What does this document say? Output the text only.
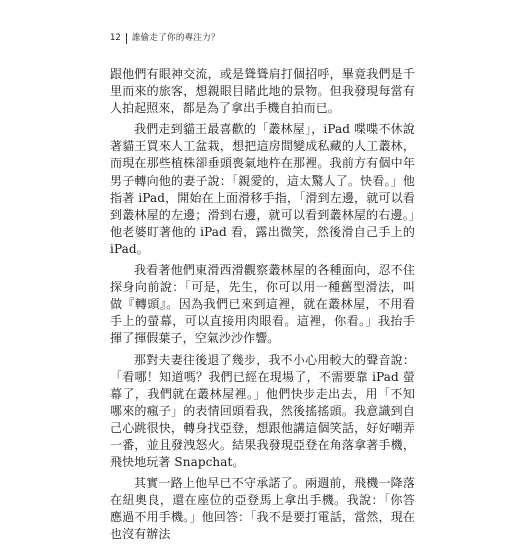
12	誰偷走了你的專注力？

跟他們有眼神交流，或是聳聳肩打個招呼，畢竟我們是千里而來的旅客，想親眼目睹此地的景物。但我發現每當有人拍起照來，都是為了拿出手機自拍而已。

我們走到貓王最喜歡的「叢林屋」，iPad 喋喋不休說著貓王買來人工盆栽，想把這房間變成私藏的人工叢林，而現在那些植株卻垂頭喪氣地杵在那裡。我前方有個中年男子轉向他的妻子說：「親愛的，這太驚人了。快看。」他指著 iPad，開始在上面滑移手指，「滑到左邊，就可以看到叢林屋的左邊；滑到右邊，就可以看到叢林屋的右邊。」他老婆盯著他的 iPad 看，露出微笑，然後滑自己手上的 iPad。

我看著他們東滑西滑觀察叢林屋的各種面向，忍不住探身向前說：「可是，先生，你可以用一種舊型滑法，叫做『轉頭』。因為我們已來到這裡，就在叢林屋，不用看手上的螢幕，可以直接用肉眼看。這裡，你看。」我抬手揮了揮假葉子，空氣沙沙作響。

那對夫妻往後退了幾步，我不小心用較大的聲音說：「看哪！知道嗎？我們已經在現場了，不需要靠 iPad 螢幕了，我們就在叢林屋裡。」他們快步走出去，用「不知哪來的瘋子」的表情回頭看我，然後搖搖頭。我意識到自己心跳很快，轉身找亞登，想跟他講這個笑話，好好嘲弄一番，並且發洩怒火。結果我發現亞登在角落拿著手機，飛快地玩著 Snapchat。

其實一路上他早已不守承諾了。兩週前，飛機一降落在紐奧良，還在座位的亞登馬上拿出手機。我說：「你答應過不用手機。」他回答：「我不是要打電話，當然，現在也沒有辦法
